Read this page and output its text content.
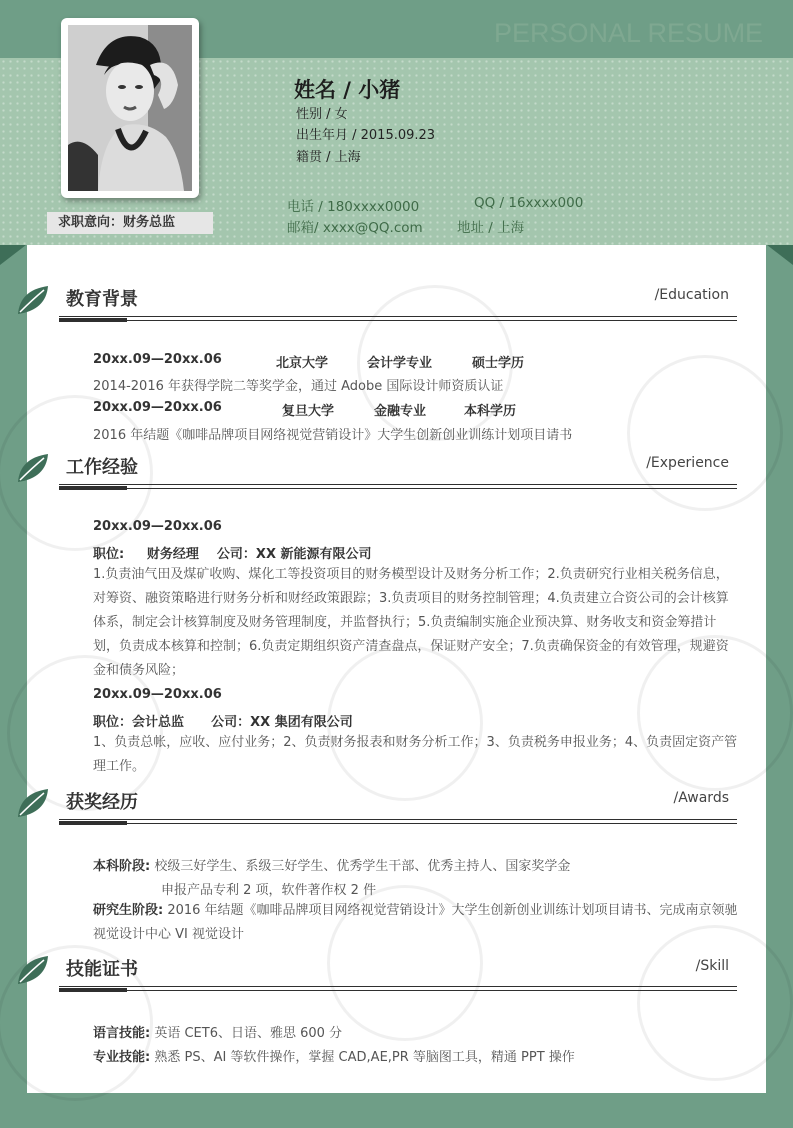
PERSONAL RESUME
求职意向：财务总监
姓名 / 小猪
性别 / 女
出生年月 / 2015.09.23
籍贯 / 上海
电话 / 180xxxx0000	QQ / 16xxxx000
邮箱/ xxxx@QQ.com	地址 / 上海
教育背景	/Education
20xx.09—20xx.06	北京大学	会计学专业	硕士学历
2014-2016 年获得学院二等奖学金，通过 Adobe 国际设计师资质认证
20xx.09—20xx.06	复旦大学	金融专业	本科学历
2016 年结题《咖啡品牌项目网络视觉营销设计》大学生创新创业训练计划项目请书
工作经验	/Experience
20xx.09—20xx.06
职位:     财务经理    公司：XX 新能源有限公司
1.负责油气田及煤矿收购、煤化工等投资项目的财务模型设计及财务分析工作；2.负责研究行业相关税务信息，对筹资、融资策略进行财务分析和财经政策跟踪；3.负责项目的财务控制管理；4.负责建立合资公司的会计核算体系，制定会计核算制度及财务管理制度，并监督执行；5.负责编制实施企业预决算、财务收支和资金筹措计划，负责成本核算和控制；6.负责定期组织资产清查盘点，保证财产安全；7.负责确保资金的有效管理，规避资金和债务风险；
20xx.09—20xx.06
职位：会计总监      公司：XX 集团有限公司
1、负责总帐，应收、应付业务；2、负责财务报表和财务分析工作；3、负责税务申报业务；4、负责固定资产管理工作。
获奖经历	/Awards
本科阶段: 校级三好学生、系级三好学生、优秀学生干部、优秀主持人、国家奖学金
申报产品专利 2 项，软件著作权 2 件
研究生阶段: 2016 年结题《咖啡品牌项目网络视觉营销设计》大学生创新创业训练计划项目请书、完成南京领驰视觉设计中心 VI 视觉设计
技能证书	/Skill
语言技能: 英语 CET6、日语、雅思 600 分
专业技能: 熟悉 PS、AI 等软件操作，掌握 CAD,AE,PR 等脑图工具，精通 PPT 操作
